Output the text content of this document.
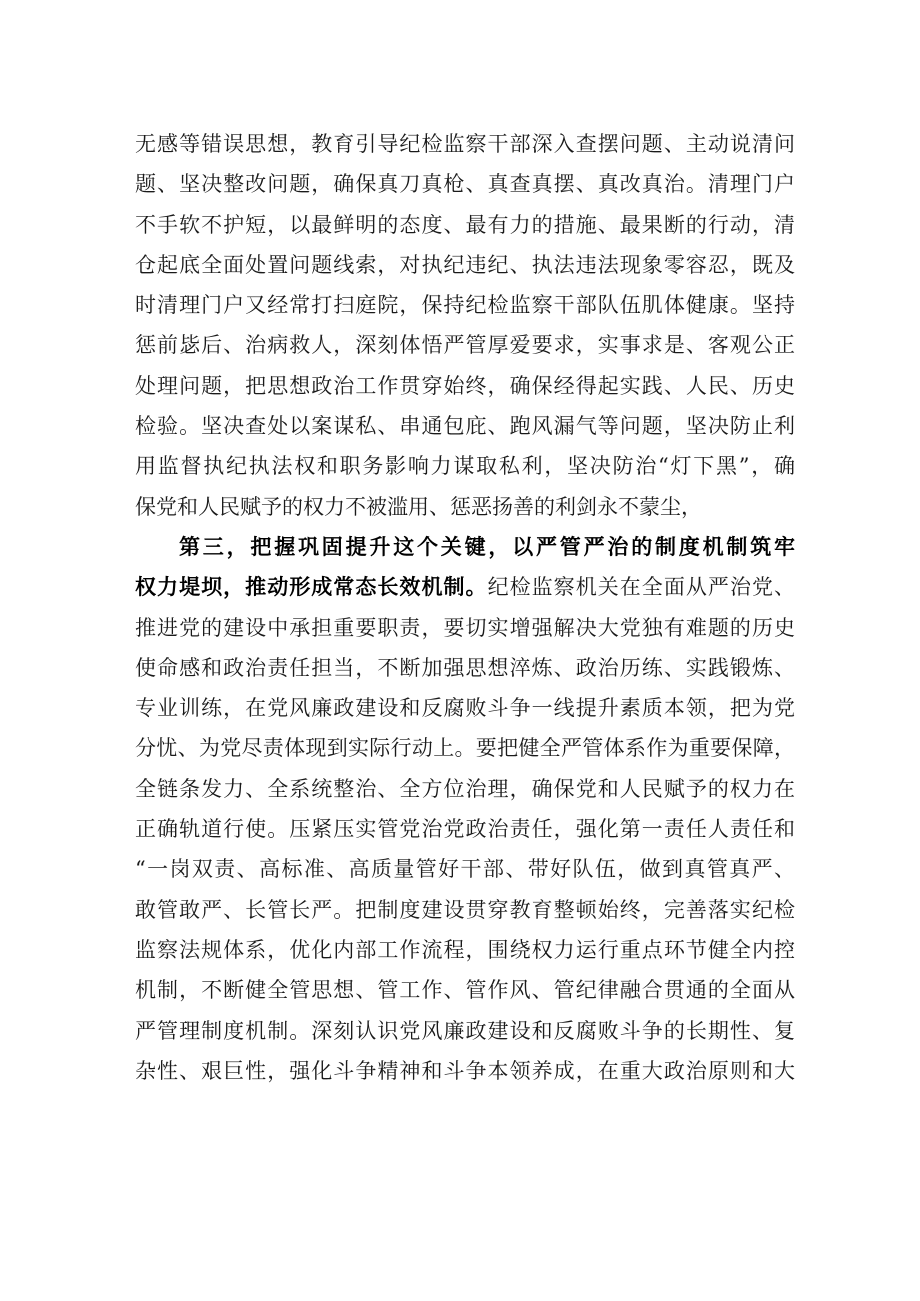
无感等错误思想，教育引导纪检监察干部深入查摆问题、主动说清问
题、坚决整改问题，确保真刀真枪、真查真摆、真改真治。清理门户
不手软不护短，以最鲜明的态度、最有力的措施、最果断的行动，清
仓起底全面处置问题线索，对执纪违纪、执法违法现象零容忍，既及
时清理门户又经常打扫庭院，保持纪检监察干部队伍肌体健康。坚持
惩前毖后、治病救人，深刻体悟严管厚爱要求，实事求是、客观公正
处理问题，把思想政治工作贯穿始终，确保经得起实践、人民、历史
检验。坚决查处以案谋私、串通包庇、跑风漏气等问题，坚决防止利
用监督执纪执法权和职务影响力谋取私利，坚决防治“灯下黑”，确
保党和人民赋予的权力不被滥用、惩恶扬善的利剑永不蒙尘，
第三，把握巩固提升这个关键，以严管严治的制度机制筑牢
权力堤坝，推动形成常态长效机制。纪检监察机关在全面从严治党、
推进党的建设中承担重要职责，要切实增强解决大党独有难题的历史
使命感和政治责任担当，不断加强思想淬炼、政治历练、实践锻炼、
专业训练，在党风廉政建设和反腐败斗争一线提升素质本领，把为党
分忧、为党尽责体现到实际行动上。要把健全严管体系作为重要保障，
全链条发力、全系统整治、全方位治理，确保党和人民赋予的权力在
正确轨道行使。压紧压实管党治党政治责任，强化第一责任人责任和
“一岗双责、高标准、高质量管好干部、带好队伍，做到真管真严、
敢管敢严、长管长严。把制度建设贯穿教育整顿始终，完善落实纪检
监察法规体系，优化内部工作流程，围绕权力运行重点环节健全内控
机制，不断健全管思想、管工作、管作风、管纪律融合贯通的全面从
严管理制度机制。深刻认识党风廉政建设和反腐败斗争的长期性、复
杂性、艰巨性，强化斗争精神和斗争本领养成，在重大政治原则和大
